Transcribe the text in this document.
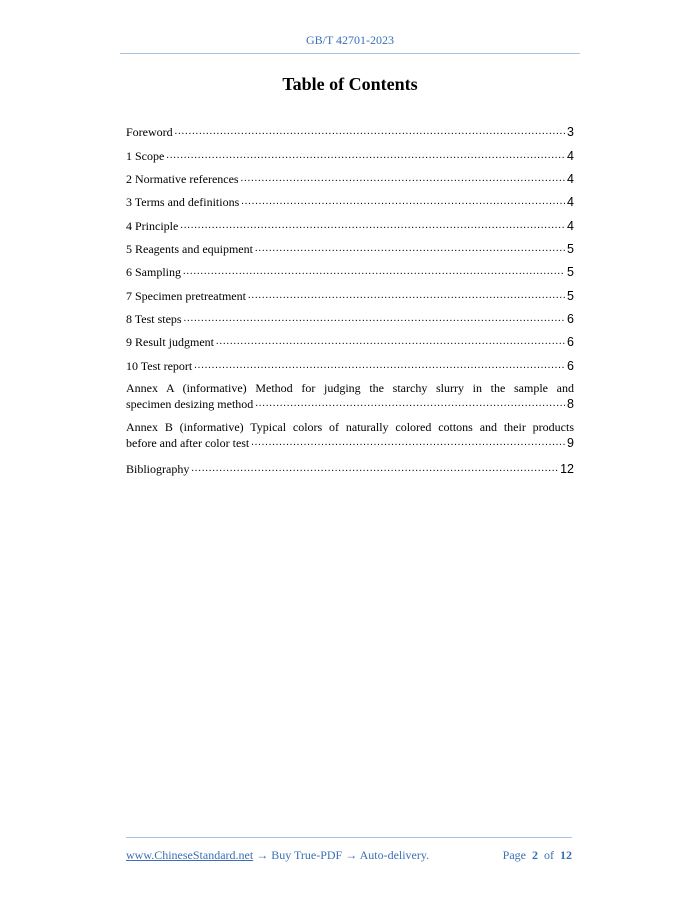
GB/T 42701-2023
Table of Contents
Foreword .....	3
1 Scope .....	4
2 Normative references .....	4
3 Terms and definitions .....	4
4 Principle .....	4
5 Reagents and equipment .....	5
6 Sampling .....	5
7 Specimen pretreatment .....	5
8 Test steps .....	6
9 Result judgment .....	6
10 Test report .....	6
Annex A (informative) Method for judging the starchy slurry in the sample and
specimen desizing method .....	8
Annex B (informative) Typical colors of naturally colored cottons and their products
before and after color test .....	9
Bibliography .....	12
www.ChineseStandard.net → Buy True-PDF → Auto-delivery.	Page 2 of 12
